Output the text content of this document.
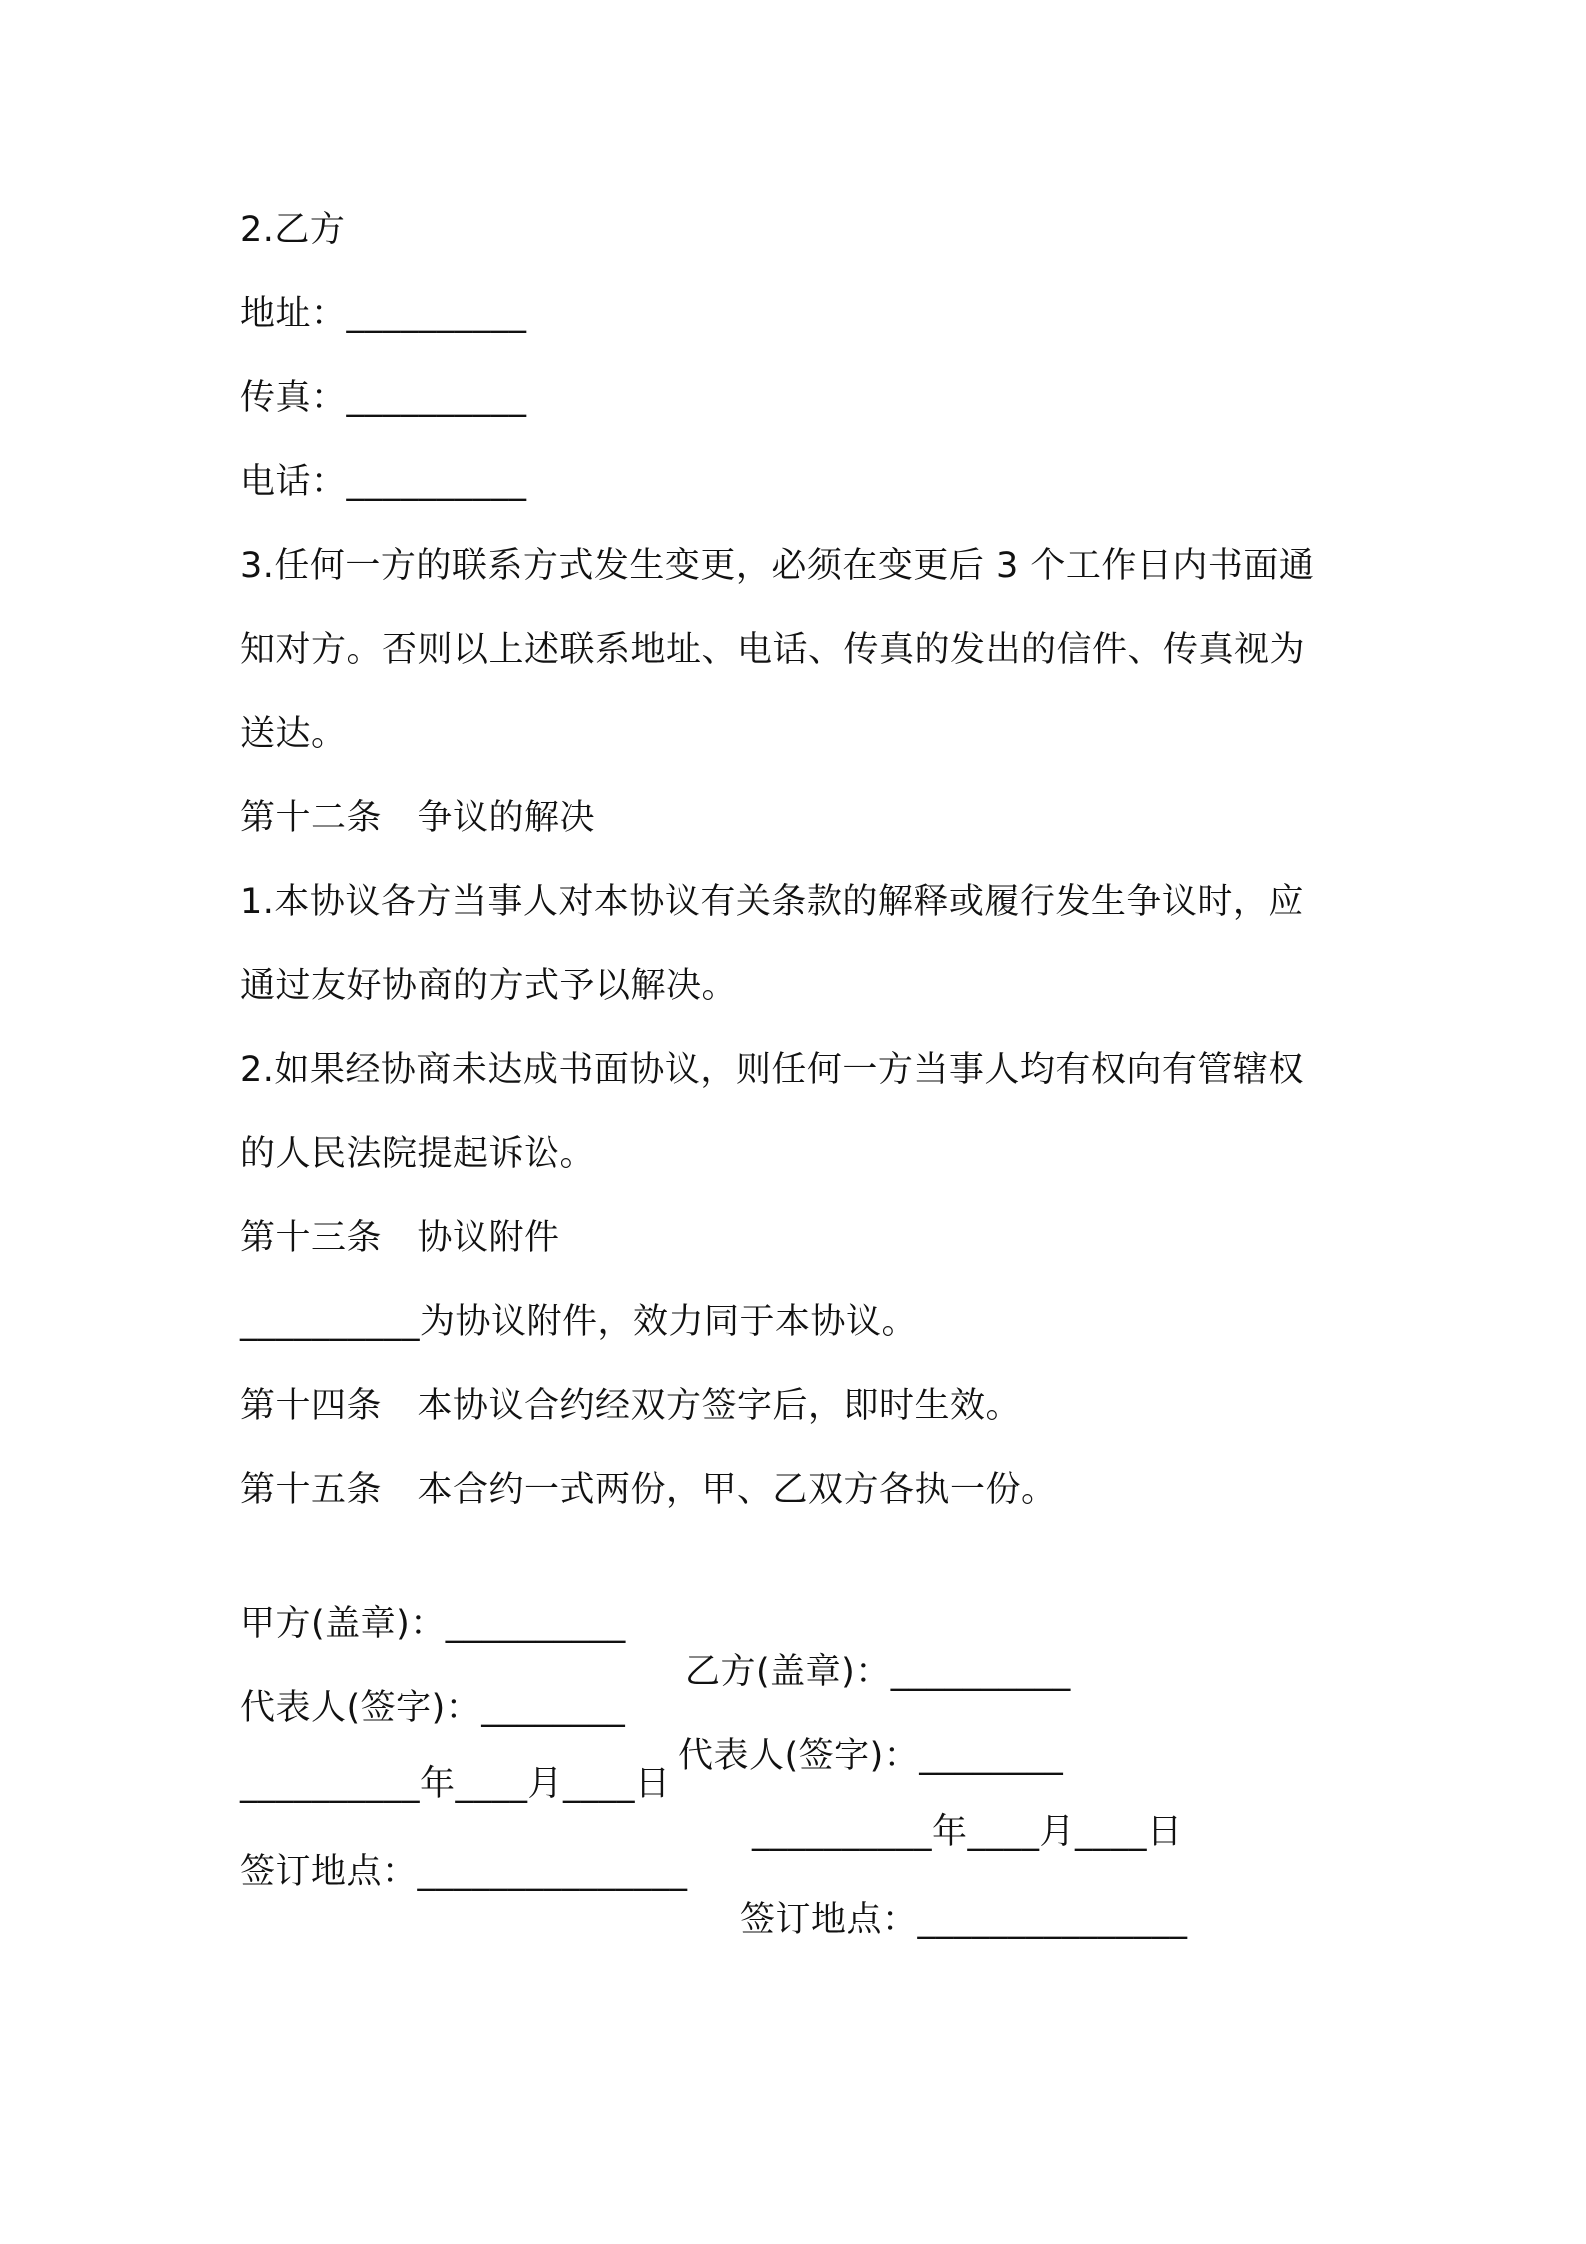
2.乙方
地址：__________
传真：__________
电话：__________
3.任何一方的联系方式发生变更，必须在变更后 3 个工作日内书面通
知对方。否则以上述联系地址、电话、传真的发出的信件、传真视为
送达。
第十二条　争议的解决
1.本协议各方当事人对本协议有关条款的解释或履行发生争议时，应
通过友好协商的方式予以解决。
2.如果经协商未达成书面协议，则任何一方当事人均有权向有管辖权
的人民法院提起诉讼。
第十三条　协议附件
__________为协议附件，效力同于本协议。
第十四条　本协议合约经双方签字后，即时生效。
第十五条　本合约一式两份，甲、乙双方各执一份。

甲方(盖章)：__________

乙方(盖章)：__________

代表人(签字)：________

代表人(签字)：________

__________年____月____日

__________年____月____日

签订地点：_______________

签订地点：_______________
